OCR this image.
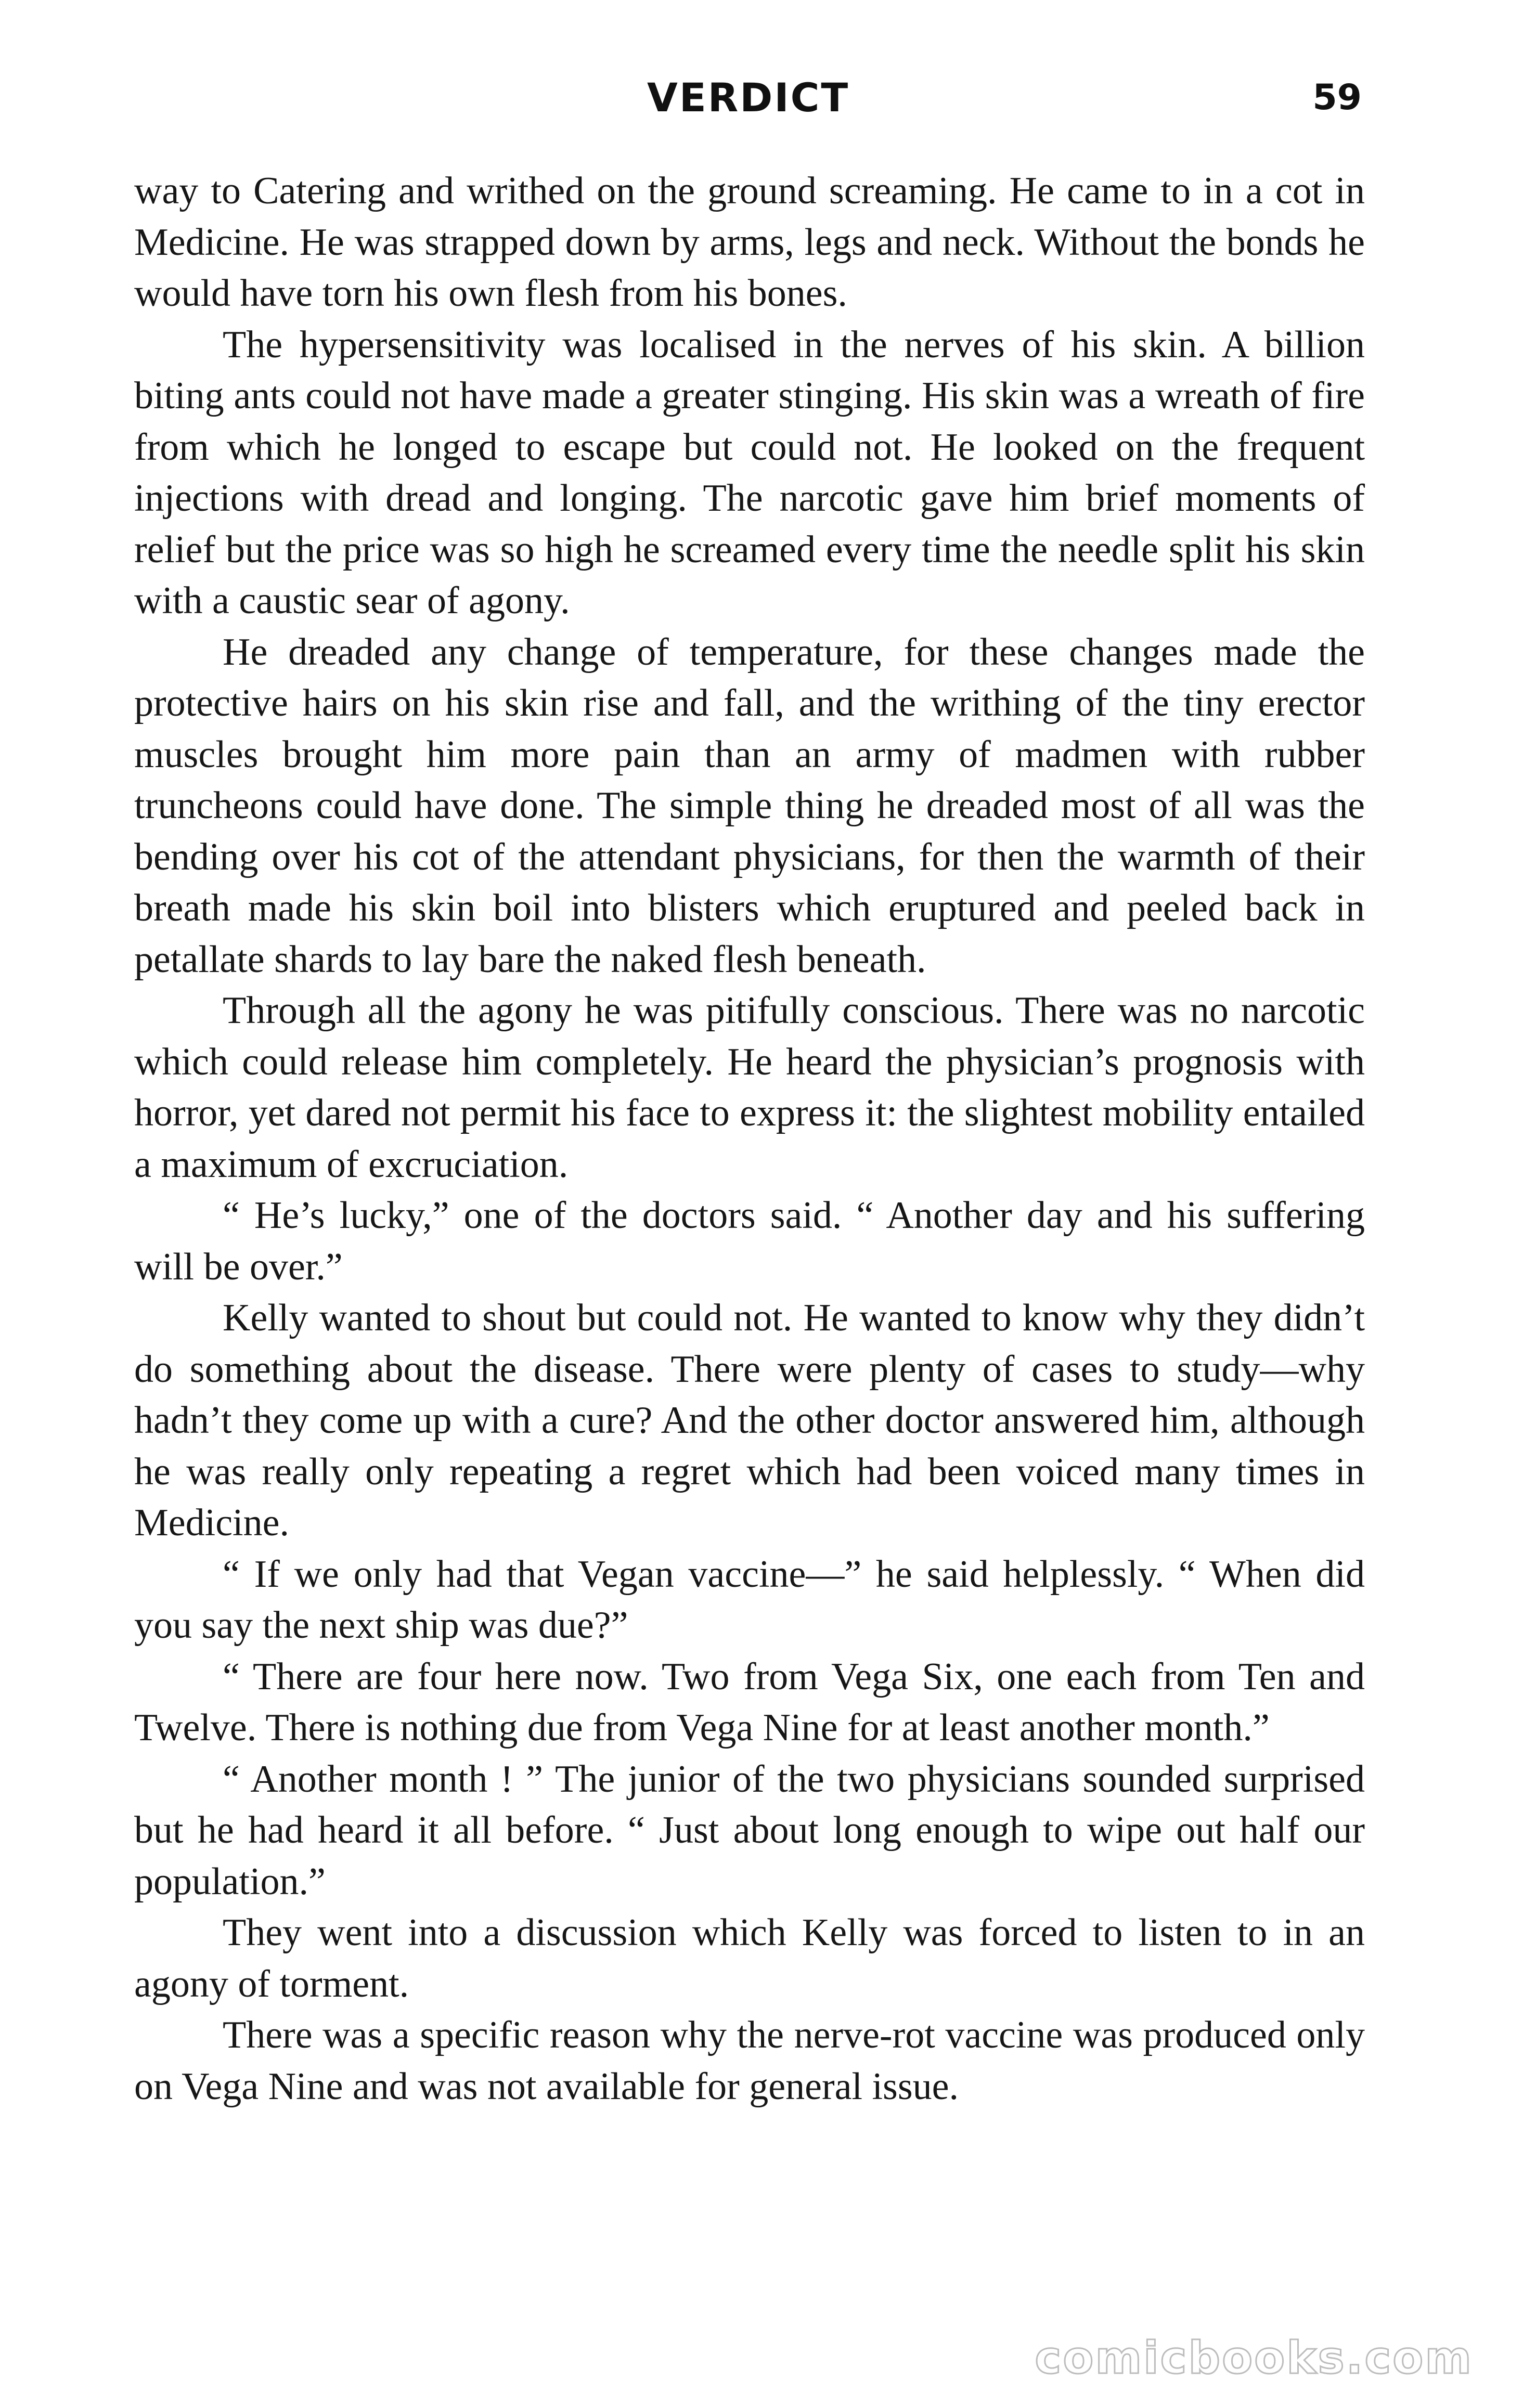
VERDICT	59

way to Catering and writhed on the ground screaming. He came to in a cot in Medicine. He was strapped down by arms, legs and neck. Without the bonds he would have torn his own flesh from his bones.

The hypersensitivity was localised in the nerves of his skin. A billion biting ants could not have made a greater stinging. His skin was a wreath of fire from which he longed to escape but could not. He looked on the frequent injections with dread and longing. The narcotic gave him brief moments of relief but the price was so high he screamed every time the needle split his skin with a caustic sear of agony.

He dreaded any change of temperature, for these changes made the protective hairs on his skin rise and fall, and the writhing of the tiny erector muscles brought him more pain than an army of madmen with rubber truncheons could have done. The simple thing he dreaded most of all was the bending over his cot of the attendant physicians, for then the warmth of their breath made his skin boil into blisters which eruptured and peeled back in petallate shards to lay bare the naked flesh beneath.

Through all the agony he was pitifully conscious. There was no narcotic which could release him completely. He heard the physician’s prognosis with horror, yet dared not permit his face to express it: the slightest mobility entailed a maximum of excruciation.

“ He’s lucky,” one of the doctors said. “ Another day and his suffering will be over.”

Kelly wanted to shout but could not. He wanted to know why they didn’t do something about the disease. There were plenty of cases to study—why hadn’t they come up with a cure? And the other doctor answered him, although he was really only repeating a regret which had been voiced many times in Medicine.

“ If we only had that Vegan vaccine—” he said helplessly. “ When did you say the next ship was due?”

“ There are four here now. Two from Vega Six, one each from Ten and Twelve. There is nothing due from Vega Nine for at least another month.”

“ Another month ! ” The junior of the two physicians sounded surprised but he had heard it all before. “ Just about long enough to wipe out half our population.”

They went into a discussion which Kelly was forced to listen to in an agony of torment.

There was a specific reason why the nerve-rot vaccine was produced only on Vega Nine and was not available for general issue.

comicbooks.com
